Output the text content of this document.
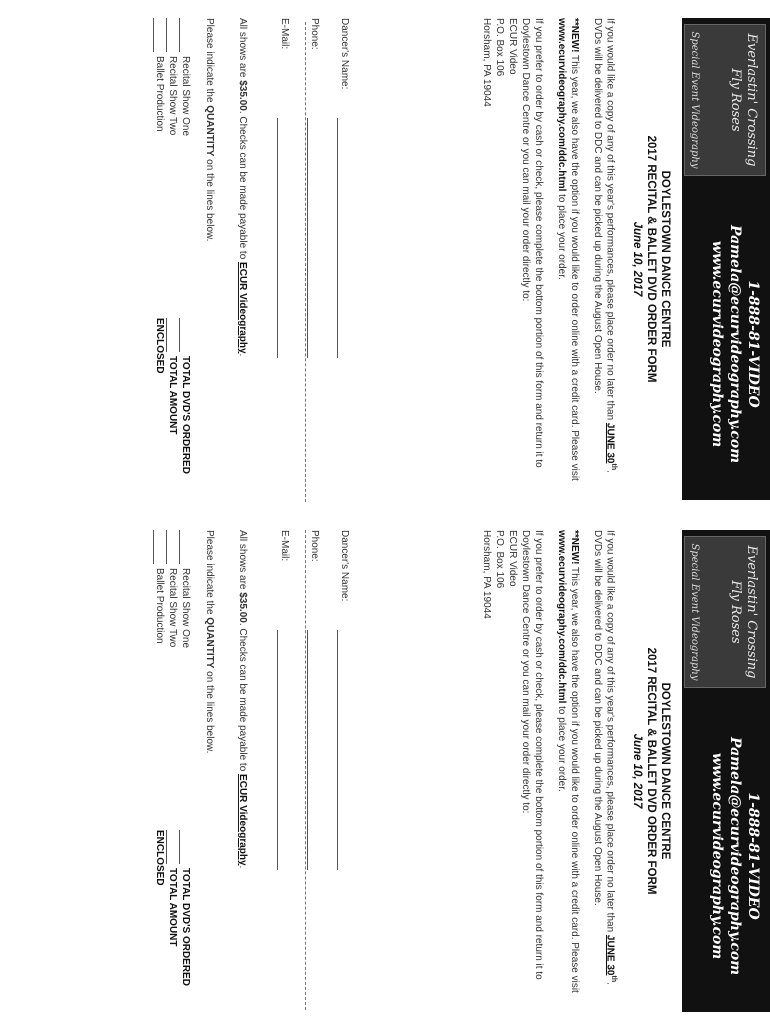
Everlastin' Crossing
Fly Roses
Special Event Videography
1-888-81-VIDEO
Pamela@ecurvideography.com
www.ecurvideography.com
DOYLESTOWN DANCE CENTRE
2017 RECITAL & BALLET DVD ORDER FORM
June 10, 2017

If you would like a copy of any of this year's performances, please place order no later than JUNE 30th. DVDs will be delivered to DDC and can be picked up during the August Open House.

**NEW! This year, we also have the option if you would like to order online with a credit card. Please visit www.ecurvideography.com/ddc.html to place your order.

If you prefer to order by cash or check, please complete the bottom portion of this form and return it to Doylestown Dance Centre or you can mail your order directly to:

ECUR Video
P.O. Box 106
Horsham, PA 19044
Dancer's Name:
Phone:
E-Mail:
All shows are $35.00. Checks can be made payable to ECUR Videography.
Please indicate the QUANTITY on the lines below.
Recital Show One
TOTAL DVD'S ORDERED
Recital Show Two
TOTAL AMOUNT ENCLOSED
Ballet Production
Everlastin' Crossing
Fly Roses
Special Event Videography
1-888-81-VIDEO
Pamela@ecurvideography.com
www.ecurvideography.com
DOYLESTOWN DANCE CENTRE
2017 RECITAL & BALLET DVD ORDER FORM
June 10, 2017

If you would like a copy of any of this year's performances, please place order no later than JUNE 30th. DVDs will be delivered to DDC and can be picked up during the August Open House.

**NEW! This year, we also have the option if you would like to order online with a credit card. Please visit www.ecurvideography.com/ddc.html to place your order.

If you prefer to order by cash or check, please complete the bottom portion of this form and return it to Doylestown Dance Centre or you can mail your order directly to:

ECUR Video
P.O. Box 106
Horsham, PA 19044
Dancer's Name:
Phone:
E-Mail:
All shows are $35.00. Checks can be made payable to ECUR Videography.
Please indicate the QUANTITY on the lines below.
Recital Show One
TOTAL DVD'S ORDERED
Recital Show Two
TOTAL AMOUNT ENCLOSED
Ballet Production
